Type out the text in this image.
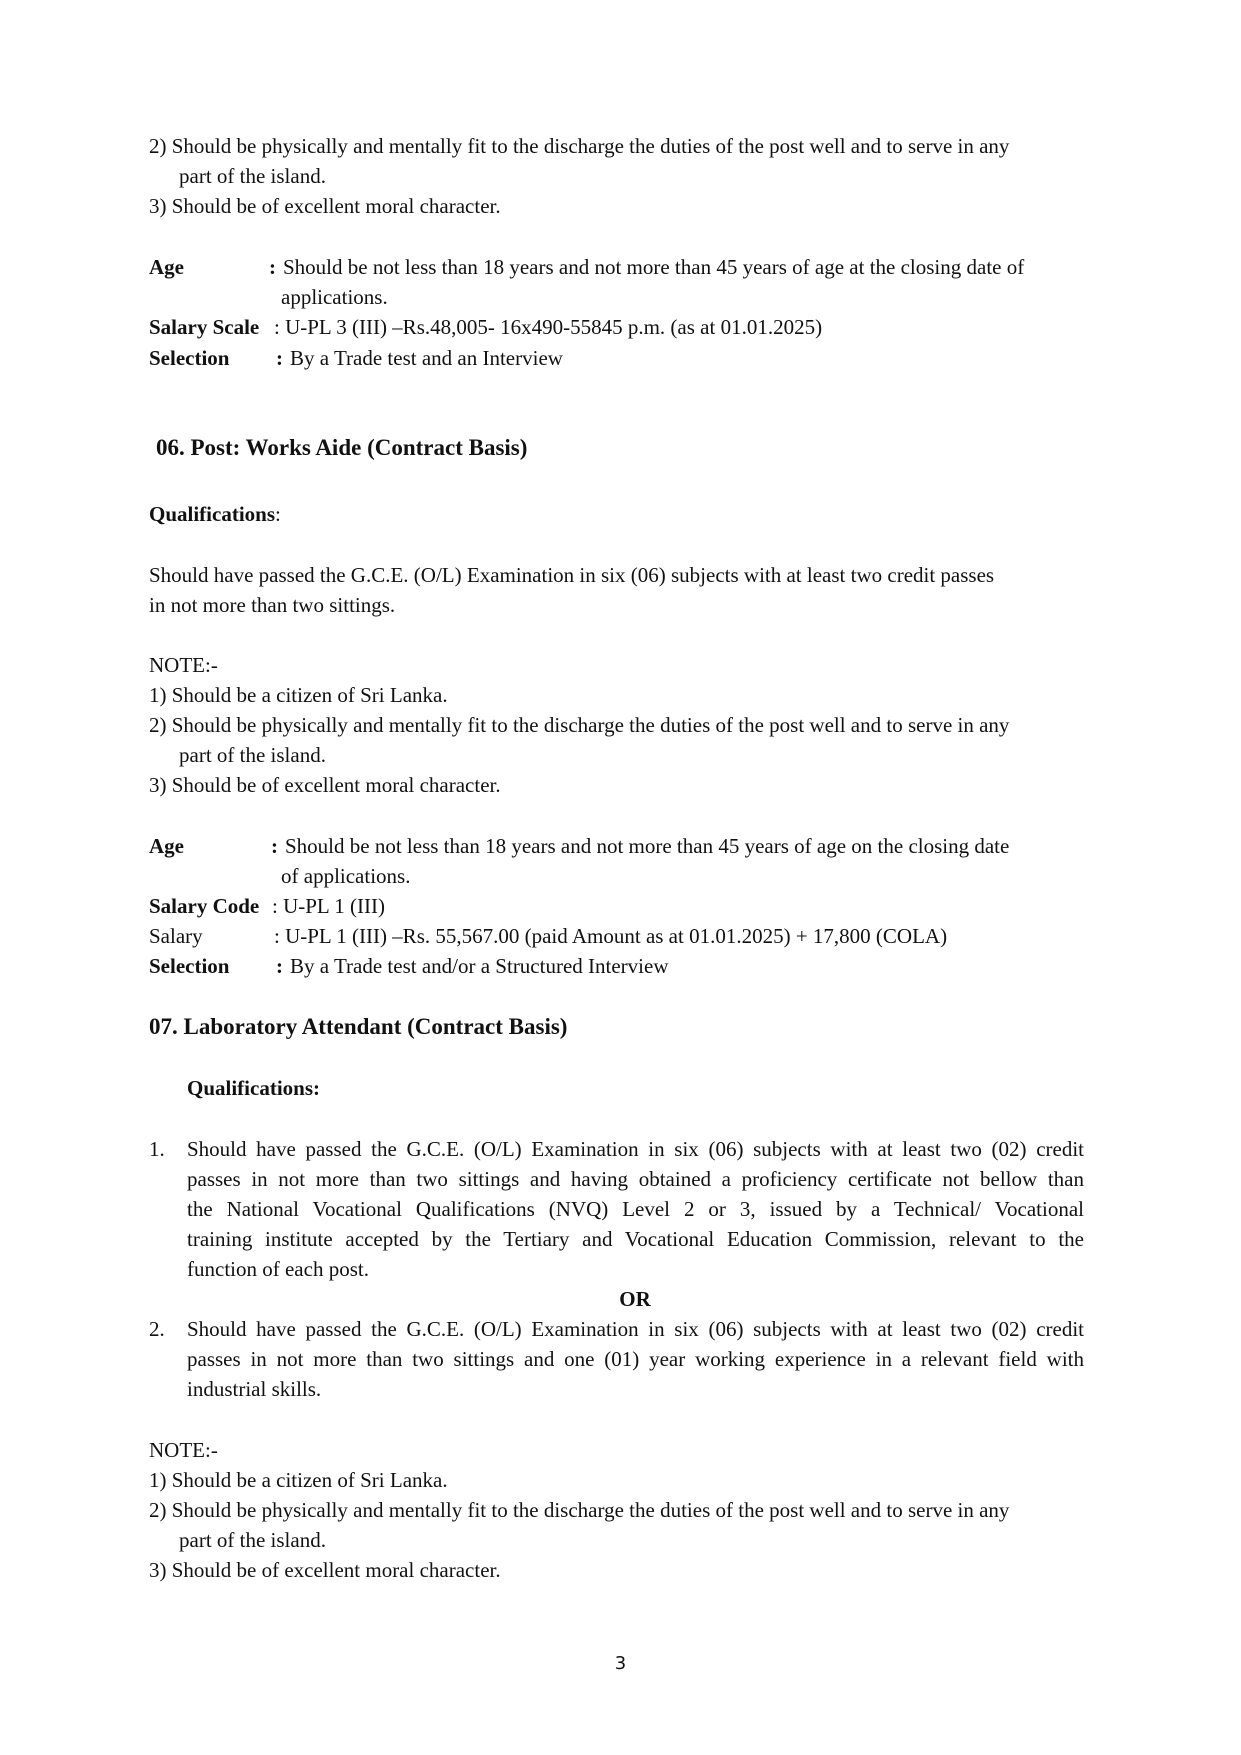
2) Should be physically and mentally fit to the discharge the duties of the post well and to serve in any
part of the island.
3) Should be of excellent moral character.
Age	: Should be not less than 18 years and not more than 45 years of age at the closing date of
applications.
Salary Scale : U-PL 3 (III) –Rs.48,005- 16x490-55845 p.m. (as at 01.01.2025)
Selection : By a Trade test and an Interview
06. Post: Works Aide (Contract Basis)
Qualifications:
Should have passed the G.C.E. (O/L) Examination in six (06) subjects with at least two credit passes
in not more than two sittings.
NOTE:-
1) Should be a citizen of Sri Lanka.
2) Should be physically and mentally fit to the discharge the duties of the post well and to serve in any
part of the island.
3) Should be of excellent moral character.
Age	: Should be not less than 18 years and not more than 45 years of age on the closing date
of applications.
Salary Code : U-PL 1 (III)
Salary	: U-PL 1 (III) –Rs. 55,567.00 (paid Amount as at 01.01.2025) + 17,800 (COLA)
Selection : By a Trade test and/or a Structured Interview
07. Laboratory Attendant (Contract Basis)
Qualifications:
1. Should have passed the G.C.E. (O/L) Examination in six (06) subjects with at least two (02) credit
passes in not more than two sittings and having obtained a proficiency certificate not bellow than
the National Vocational Qualifications (NVQ) Level 2 or 3, issued by a Technical/ Vocational
training institute accepted by the Tertiary and Vocational Education Commission, relevant to the
function of each post.
OR
2. Should have passed the G.C.E. (O/L) Examination in six (06) subjects with at least two (02) credit
passes in not more than two sittings and one (01) year working experience in a relevant field with
industrial skills.
NOTE:-
1) Should be a citizen of Sri Lanka.
2) Should be physically and mentally fit to the discharge the duties of the post well and to serve in any
part of the island.
3) Should be of excellent moral character.
3
